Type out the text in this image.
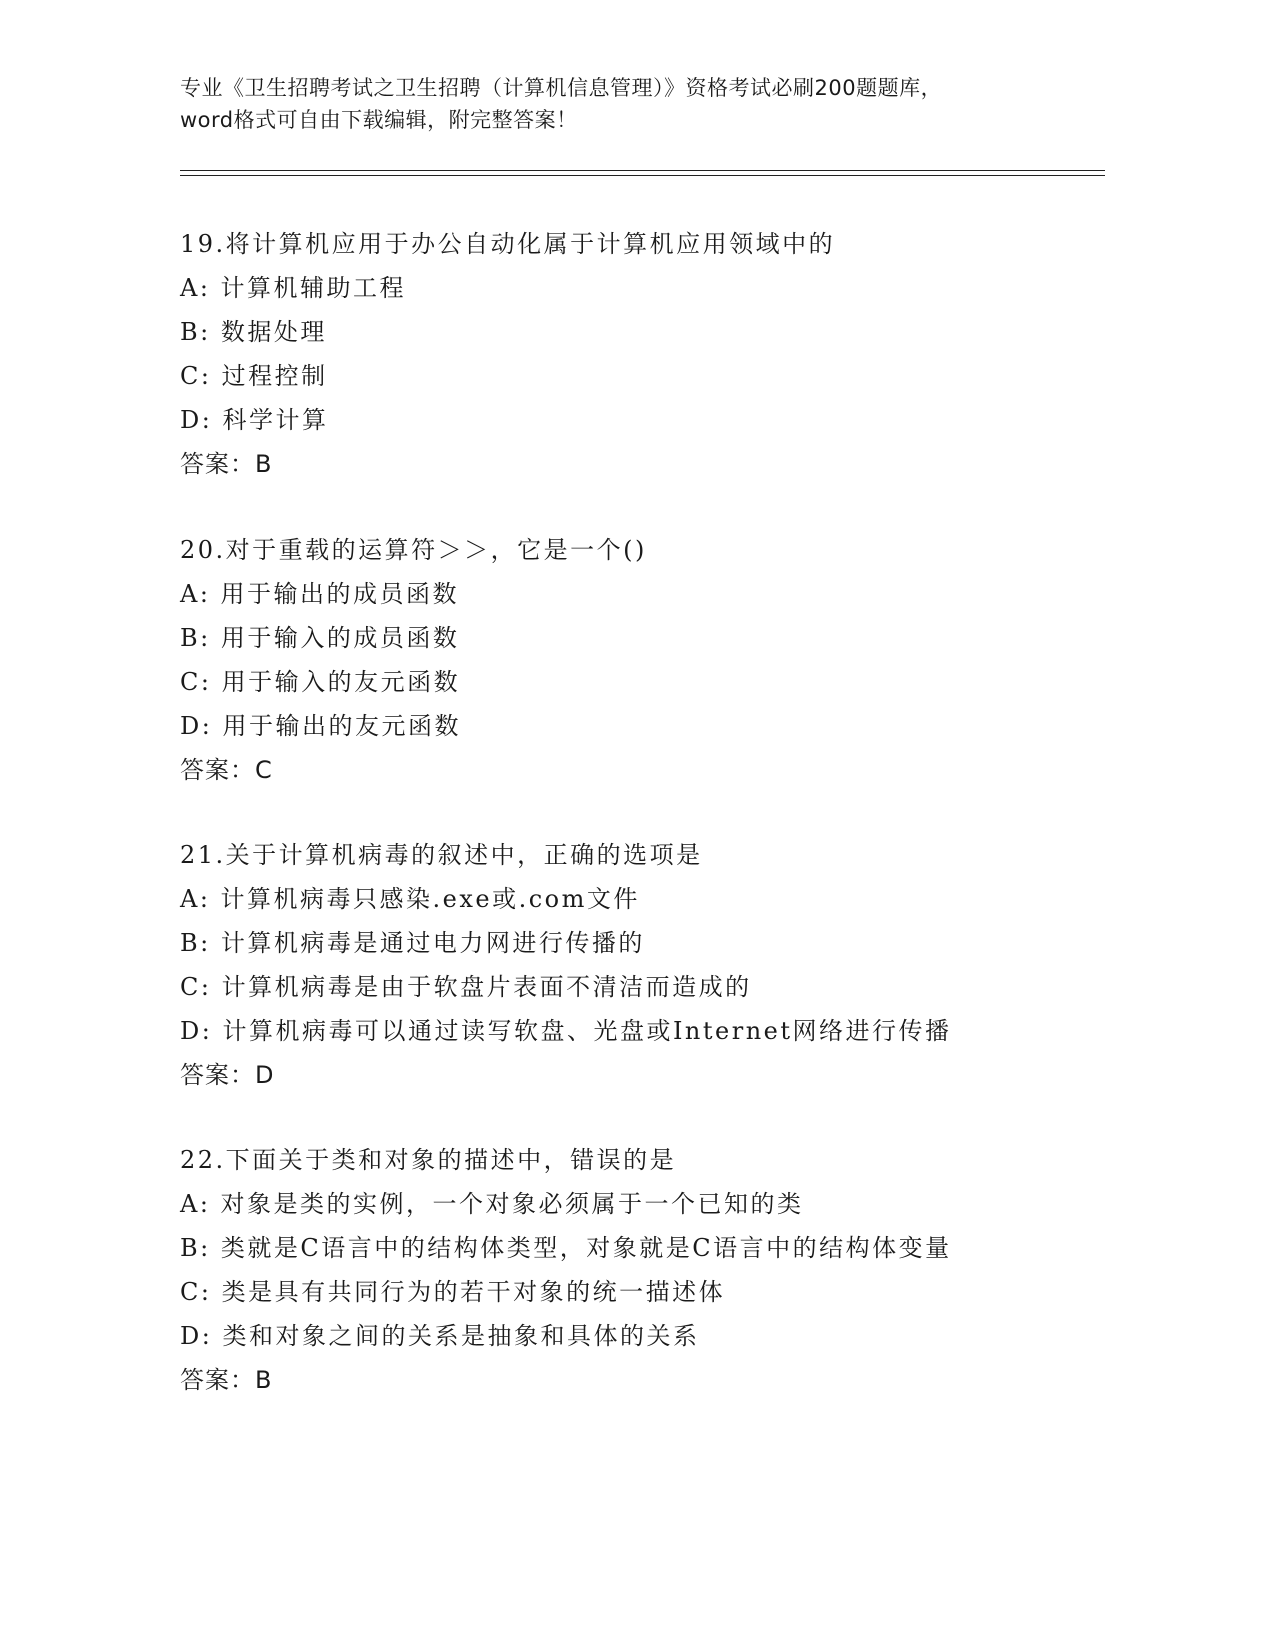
专业《卫生招聘考试之卫生招聘（计算机信息管理）》资格考试必刷200题题库，
word格式可自由下载编辑，附完整答案！
19.将计算机应用于办公自动化属于计算机应用领域中的
A: 计算机辅助工程
B: 数据处理
C: 过程控制
D: 科学计算
答案：B
20.对于重载的运算符＞＞，它是一个()
A: 用于输出的成员函数
B: 用于输入的成员函数
C: 用于输入的友元函数
D: 用于输出的友元函数
答案：C
21.关于计算机病毒的叙述中，正确的选项是
A: 计算机病毒只感染.exe或.com文件
B: 计算机病毒是通过电力网进行传播的
C: 计算机病毒是由于软盘片表面不清洁而造成的
D: 计算机病毒可以通过读写软盘、光盘或Internet网络进行传播
答案：D
22.下面关于类和对象的描述中，错误的是
A: 对象是类的实例，一个对象必须属于一个已知的类
B: 类就是C语言中的结构体类型，对象就是C语言中的结构体变量
C: 类是具有共同行为的若干对象的统一描述体
D: 类和对象之间的关系是抽象和具体的关系
答案：B
